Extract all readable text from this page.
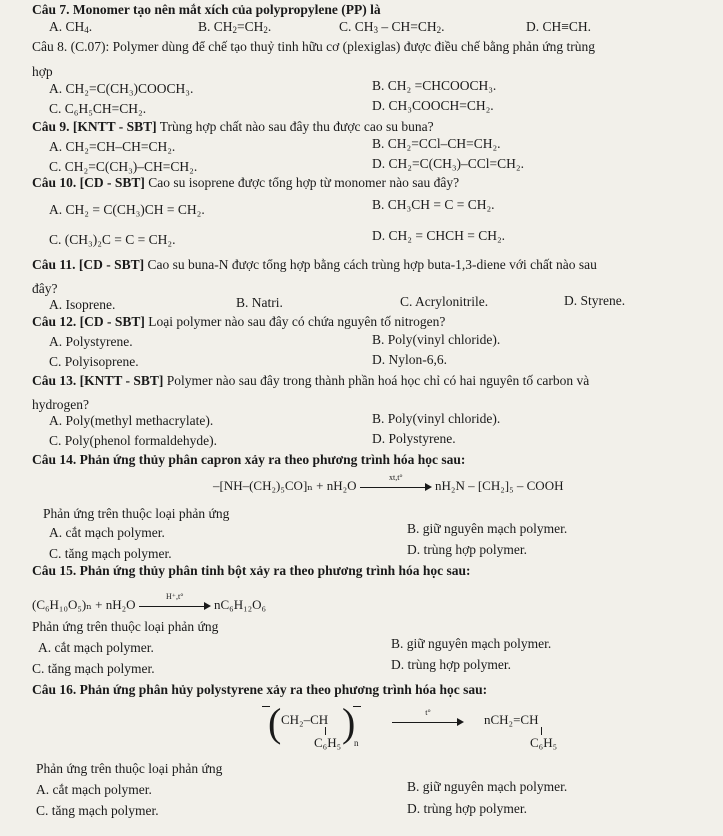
Câu 7. Monomer tạo nên mắt xích của polypropylene (PP) là
A. $CH_4$.	B. $CH_2=CH_2$.	C. $CH_3 - CH=CH_2$.	D. CH≡CH.
Câu 8. (C.07): Polymer dùng để chế tạo thuỷ tinh hữu cơ (plexiglas) được điều chế bằng phản ứng trùng
hợp
A. CH₂=C(CH₃)COOCH₃.	B. CH₂ =CHCOOCH₃.
C. C₆H₅CH=CH₂.	D. CH₃COOCH=CH₂.
Câu 9. [KNTT - SBT] Trùng hợp chất nào sau đây thu được cao su buna?
A. CH₂=CH–CH=CH₂.	B. CH₂=CCl–CH=CH₂.
C. CH₂=C(CH₃)–CH=CH₂.	D. CH₂=C(CH₃)–CCl=CH₂.
Câu 10. [CD - SBT] Cao su isoprene được tổng hợp từ monomer nào sau đây?
A. CH₂ = C(CH₃)CH = CH₂.	B. CH₃CH = C = CH₂.
C. (CH₃)₂C = C = CH₂.	D. CH₂ = CHCH = CH₂.
Câu 11. [CD - SBT] Cao su buna-N được tổng hợp bằng cách trùng hợp buta-1,3-diene với chất nào sau
đây?
A. Isoprene.	B. Natri.	C. Acrylonitrile.	D. Styrene.
Câu 12. [CD - SBT] Loại polymer nào sau đây có chứa nguyên tố nitrogen?
A. Polystyrene.	B. Poly(vinyl chloride).
C. Polyisoprene.	D. Nylon-6,6.
Câu 13. [KNTT - SBT] Polymer nào sau đây trong thành phần hoá học chỉ có hai nguyên tố carbon và
hydrogen?
A. Poly(methyl methacrylate).	B. Poly(vinyl chloride).
C. Poly(phenol formaldehyde).	D. Polystyrene.
Câu 14. Phản ứng thủy phân capron xảy ra theo phương trình hóa học sau:
–[NH–(CH₂)₅CO]ₙ + nH₂O
xt,t°
nH₂N – [CH₂]₅ – COOH
Phản ứng trên thuộc loại phản ứng
A. cắt mạch polymer.	B. giữ nguyên mạch polymer.
C. tăng mạch polymer.	D. trùng hợp polymer.
Câu 15. Phản ứng thủy phân tinh bột xảy ra theo phương trình hóa học sau:
(C₆H₁₀O₅)ₙ + nH₂O
H⁺,t°
nC₆H₁₂O₆
Phản ứng trên thuộc loại phản ứng
A. cắt mạch polymer.	B. giữ nguyên mạch polymer.
C. tăng mạch polymer.	D. trùng hợp polymer.
Câu 16. Phản ứng phân hủy polystyrene xảy ra theo phương trình hóa học sau:
( CH₂–CH
C₆H₅ )
n
t°	nCH₂=CH
C₆H₅
Phản ứng trên thuộc loại phản ứng
A. cắt mạch polymer.	B. giữ nguyên mạch polymer.
C. tăng mạch polymer.	D. trùng hợp polymer.
